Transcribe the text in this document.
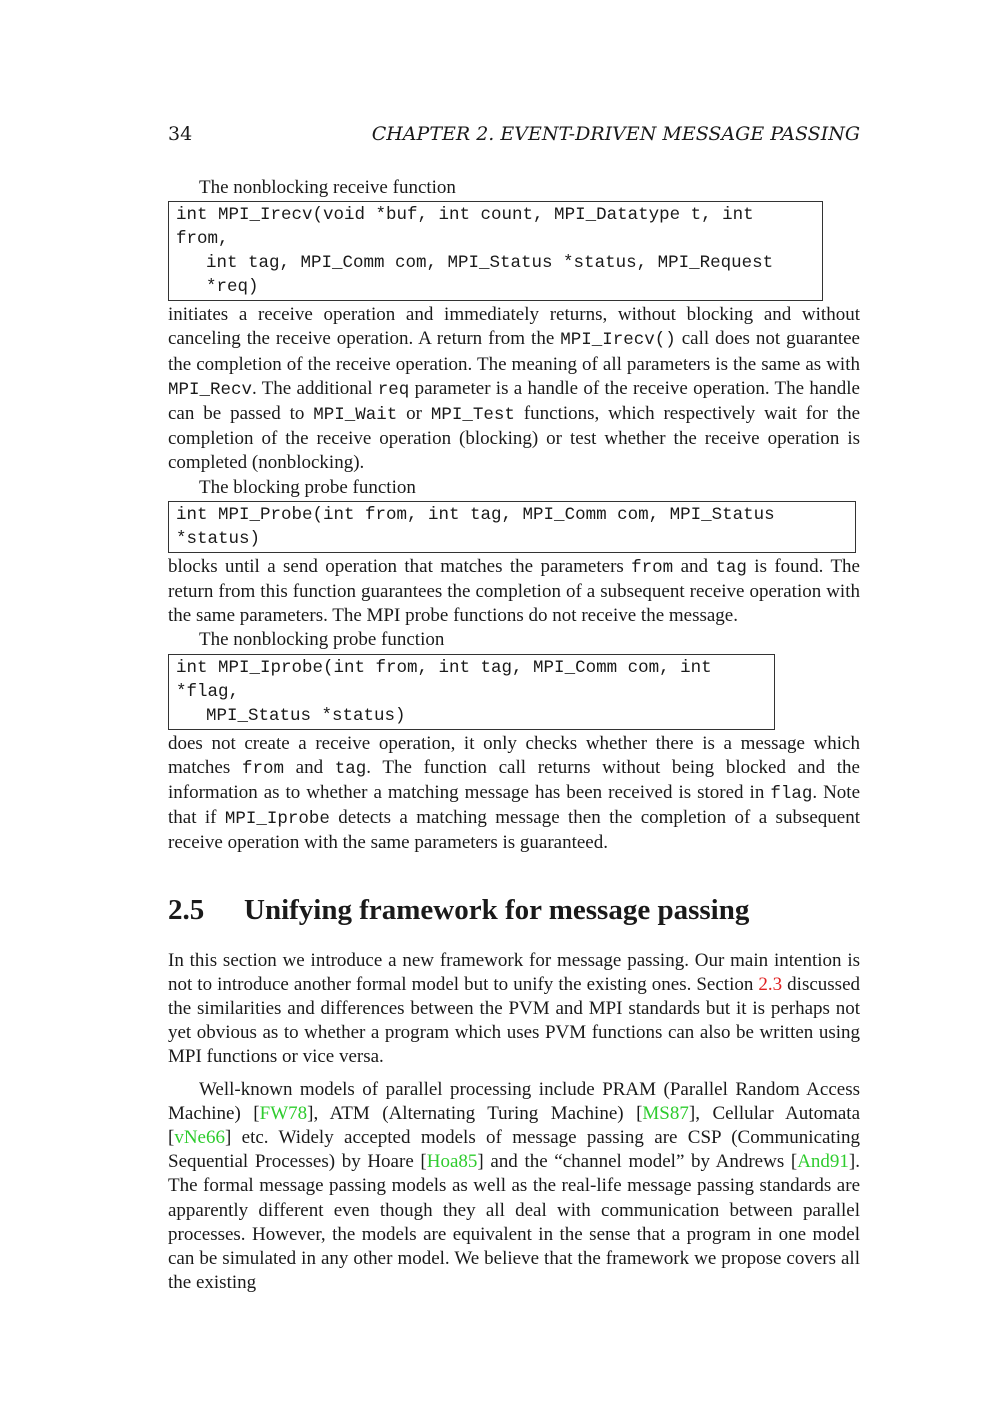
34	CHAPTER 2. EVENT-DRIVEN MESSAGE PASSING

The nonblocking receive function

int MPI_Irecv(void *buf, int count, MPI_Datatype t, int from,
int tag, MPI_Comm com, MPI_Status *status, MPI_Request *req)

initiates a receive operation and immediately returns, without blocking and without canceling the receive operation. A return from the MPI_Irecv() call does not guarantee the completion of the receive operation. The meaning of all parameters is the same as with MPI_Recv. The additional req parameter is a handle of the receive operation. The handle can be passed to MPI_Wait or MPI_Test functions, which respectively wait for the completion of the receive operation (blocking) or test whether the receive operation is completed (nonblocking).

The blocking probe function

int MPI_Probe(int from, int tag, MPI_Comm com, MPI_Status *status)

blocks until a send operation that matches the parameters from and tag is found. The return from this function guarantees the completion of a subsequent receive operation with the same parameters. The MPI probe functions do not receive the message.

The nonblocking probe function

int MPI_Iprobe(int from, int tag, MPI_Comm com, int *flag,
MPI_Status *status)

does not create a receive operation, it only checks whether there is a message which matches from and tag. The function call returns without being blocked and the information as to whether a matching message has been received is stored in flag. Note that if MPI_Iprobe detects a matching message then the completion of a subsequent receive operation with the same parameters is guaranteed.

2.5 Unifying framework for message passing

In this section we introduce a new framework for message passing. Our main intention is not to introduce another formal model but to unify the existing ones. Section 2.3 discussed the similarities and differences between the PVM and MPI standards but it is perhaps not yet obvious as to whether a program which uses PVM functions can also be written using MPI functions or vice versa.

Well-known models of parallel processing include PRAM (Parallel Random Access Machine) [FW78], ATM (Alternating Turing Machine) [MS87], Cellular Automata [vNe66] etc. Widely accepted models of message passing are CSP (Communicating Sequential Processes) by Hoare [Hoa85] and the “channel model” by Andrews [And91]. The formal message passing models as well as the real-life message passing standards are apparently different even though they all deal with communication between parallel processes. However, the models are equivalent in the sense that a program in one model can be simulated in any other model. We believe that the framework we propose covers all the existing
